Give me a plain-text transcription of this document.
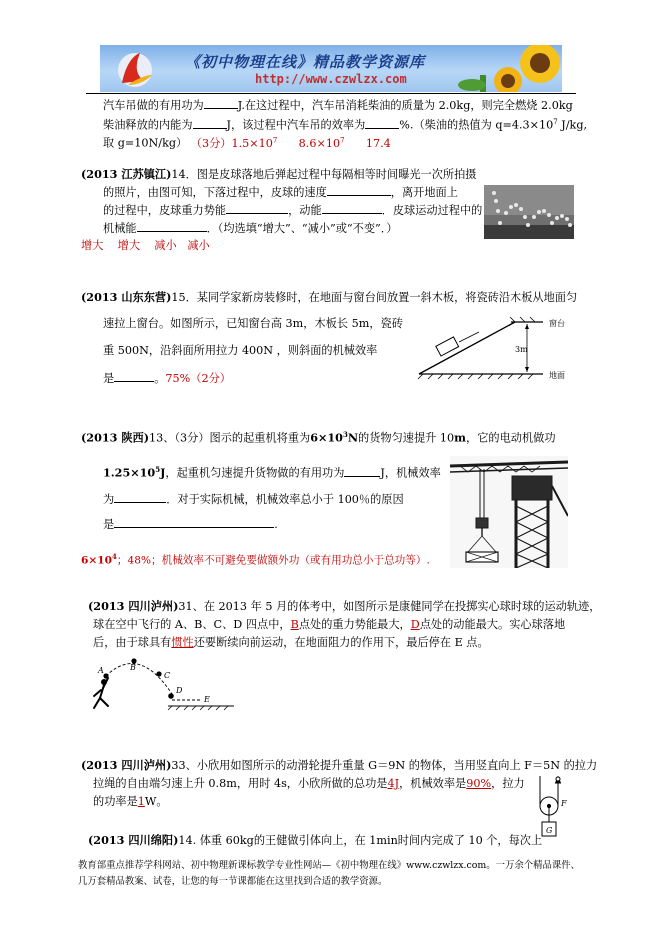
《初中物理在线》精品教学资源库
http://www.czwlzx.com
汽车吊做的有用功为	J.在这过程中，汽车吊消耗柴油的质量为 2.0kg，则完全燃烧 2.0kg
柴油释放的内能为	J，该过程中汽车吊的效率为	%.（柴油的热值为 $q=4.3\times 10^7$ J/kg,
取 g=10N/kg） （3分）$1.5\times 10^7$ $8.6\times 10^7$ 17.4
(2013 江苏镇江)14．图是皮球落地后弹起过程中每隔相等时间曝光一次所拍摄
的照片，由图可知，下落过程中，皮球的速度	，离开地面上
的过程中，皮球重力势能	，动能	．皮球运动过程中的
机械能	．（均选填“增大”、“减小”或“不变”．）
增大 增大 减小 减小
(2013 山东东营)15．某同学家新房装修时，在地面与窗台间放置一斜木板，将瓷砖沿木板从地面匀
速拉上窗台。如图所示，已知窗台高 3m，木板长 5m，瓷砖
重 500N，沿斜面所用拉力 400N ，则斜面的机械效率
是	。75%（2分）
3m
窗台
地面
(2013 陕西)13、（3分）图示的起重机将重为$6\times 10^3N$的货物匀速提升 10m，它的电动机做功
$1.25\times 10^5J$，起重机匀速提升货物做的有用功为	J，机械效率
为	．对于实际机械，机械效率总小于 100％的原因
是	.
$6\times 10^4$；48%；机械效率不可避免要做额外功（或有用功总小于总功等）.
(2013 四川泸州)31、在 2013 年 5 月的体考中，如图所示是康健同学在投掷实心球时球的运动轨迹，
球在空中飞行的 A、B、C、D 四点中，B点处的重力势能最大，D点处的动能最大。实心球落地
后，由于球具有惯性还要断续向前运动，在地面阻力的作用下，最后停在 E 点。
A	B
C
D
E
(2013 四川泸州)33、小欣用如图所示的动滑轮提升重量 G＝9N 的物体，当用竖直向上 F＝5N 的拉力
拉绳的自由端匀速上升 0.8m，用时 4s，小欣所做的总功是4J，机械效率是90%，拉力
的功率是1W。	F
G
(2013 四川绵阳)14. 体重 60kg的王健做引体向上，在 1min时间内完成了 10 个，每次上
教育部重点推荐学科网站、初中物理新课标教学专业性网站—《初中物理在线》www.czwlzx.com。一万余个精品课件、
几万套精品教案、试卷，让您的每一节课都能在这里找到合适的教学资源。
